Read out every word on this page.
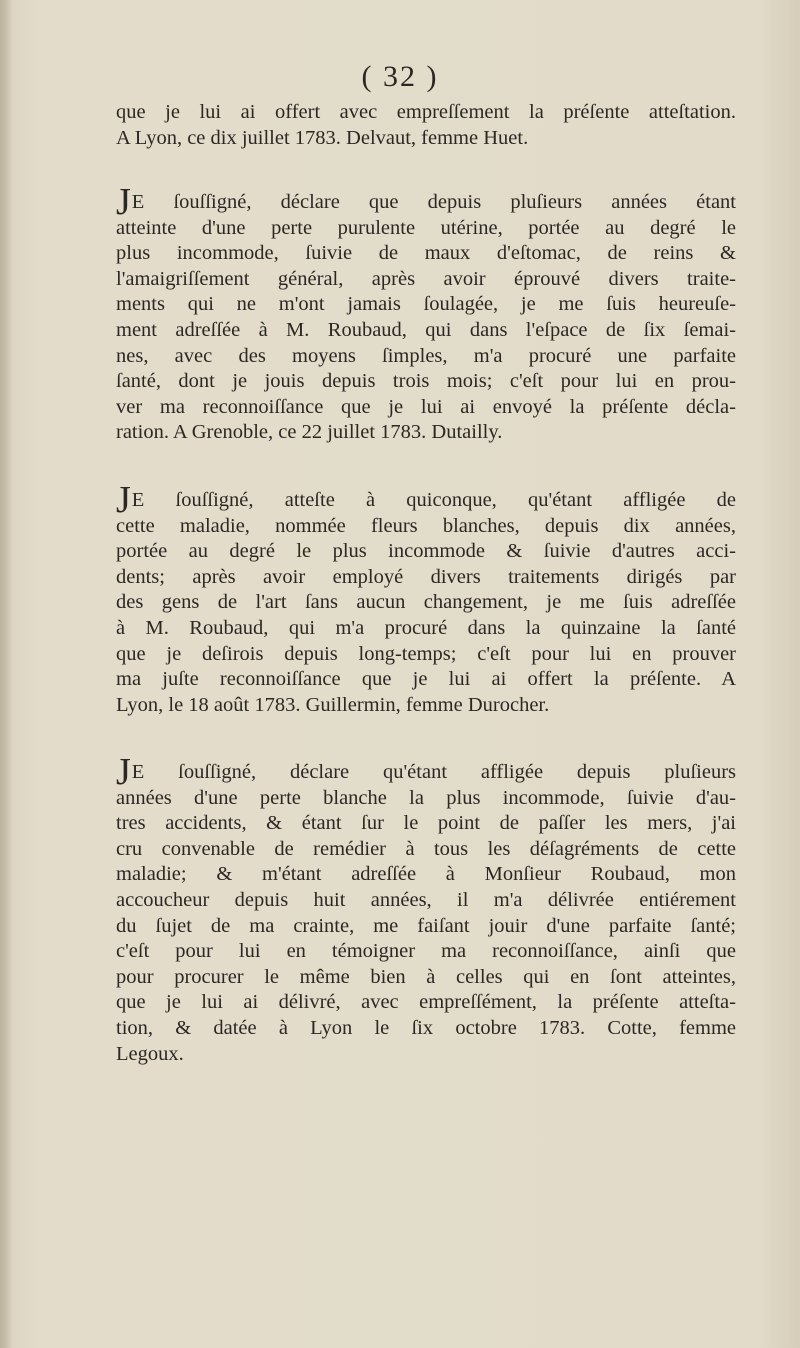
( 32 )
que je lui ai offert avec empreſſement la préſente atteſtation.
A Lyon, ce dix juillet 1783. Delvaut, femme Huet.
JE ſouſſigné, déclare que depuis pluſieurs années étant
atteinte d'une perte purulente utérine, portée au degré le
plus incommode, ſuivie de maux d'eſtomac, de reins &
l'amaigriſſement général, après avoir éprouvé divers traite-
ments qui ne m'ont jamais ſoulagée, je me ſuis heureuſe-
ment adreſſée à M. Roubaud, qui dans l'eſpace de ſix ſemai-
nes, avec des moyens ſimples, m'a procuré une parfaite
ſanté, dont je jouis depuis trois mois; c'eſt pour lui en prou-
ver ma reconnoiſſance que je lui ai envoyé la préſente décla-
ration. A Grenoble, ce 22 juillet 1783. Dutailly.
JE ſouſſigné, atteſte à quiconque, qu'étant affligée de
cette maladie, nommée fleurs blanches, depuis dix années,
portée au degré le plus incommode & ſuivie d'autres acci-
dents; après avoir employé divers traitements dirigés par
des gens de l'art ſans aucun changement, je me ſuis adreſſée
à M. Roubaud, qui m'a procuré dans la quinzaine la ſanté
que je deſirois depuis long-temps; c'eſt pour lui en prouver
ma juſte reconnoiſſance que je lui ai offert la préſente. A
Lyon, le 18 août 1783. Guillermin, femme Durocher.
JE ſouſſigné, déclare qu'étant affligée depuis pluſieurs
années d'une perte blanche la plus incommode, ſuivie d'au-
tres accidents, & étant ſur le point de paſſer les mers, j'ai
cru convenable de remédier à tous les déſagréments de cette
maladie; & m'étant adreſſée à Monſieur Roubaud, mon
accoucheur depuis huit années, il m'a délivrée entiérement
du ſujet de ma crainte, me faiſant jouir d'une parfaite ſanté;
c'eſt pour lui en témoigner ma reconnoiſſance, ainſi que
pour procurer le même bien à celles qui en ſont atteintes,
que je lui ai délivré, avec empreſſément, la préſente atteſta-
tion, & datée à Lyon le ſix octobre 1783. Cotte, femme
Legoux.
